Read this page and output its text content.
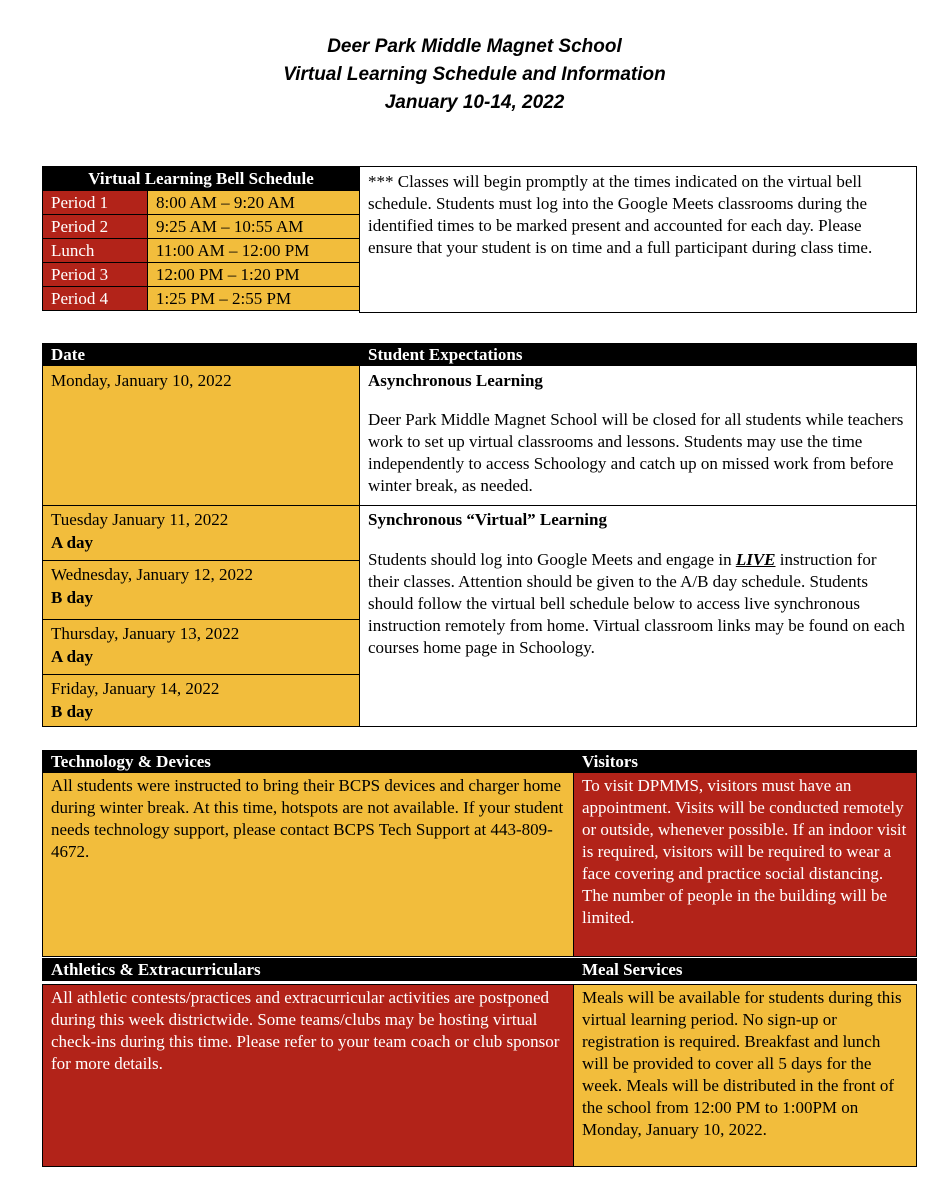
Deer Park Middle Magnet School
Virtual Learning Schedule and Information
January 10-14, 2022
Virtual Learning Bell Schedule
Period 1	8:00 AM – 9:20 AM
Period 2	9:25 AM – 10:55 AM
Lunch	11:00 AM – 12:00 PM
Period 3	12:00 PM – 1:20 PM
Period 4	1:25 PM – 2:55 PM
*** Classes will begin promptly at the times indicated on the virtual bell schedule. Students must log into the Google Meets classrooms during the identified times to be marked present and accounted for each day. Please ensure that your student is on time and a full participant during class time.
Date	Student Expectations
Monday, January 10, 2022	Asynchronous Learning
Deer Park Middle Magnet School will be closed for all students while teachers work to set up virtual classrooms and lessons. Students may use the time independently to access Schoology and catch up on missed work from before winter break, as needed.
Tuesday January 11, 2022
A day
Wednesday, January 12, 2022
B day
Thursday, January 13, 2022
A day
Friday, January 14, 2022
B day
Synchronous “Virtual” Learning
Students should log into Google Meets and engage in LIVE instruction for their classes. Attention should be given to the A/B day schedule. Students should follow the virtual bell schedule below to access live synchronous instruction remotely from home. Virtual classroom links may be found on each courses home page in Schoology.
Technology & Devices	Visitors
All students were instructed to bring their BCPS devices and charger home during winter break. At this time, hotspots are not available. If your student needs technology support, please contact BCPS Tech Support at 443-809-4672.
To visit DPMMS, visitors must have an appointment. Visits will be conducted remotely or outside, whenever possible. If an indoor visit is required, visitors will be required to wear a face covering and practice social distancing. The number of people in the building will be limited.
Athletics & Extracurriculars	Meal Services
All athletic contests/practices and extracurricular activities are postponed during this week districtwide. Some teams/clubs may be hosting virtual check-ins during this time. Please refer to your team coach or club sponsor for more details.
Meals will be available for students during this virtual learning period. No sign-up or registration is required. Breakfast and lunch will be provided to cover all 5 days for the week. Meals will be distributed in the front of the school from 12:00 PM to 1:00PM on Monday, January 10, 2022.
